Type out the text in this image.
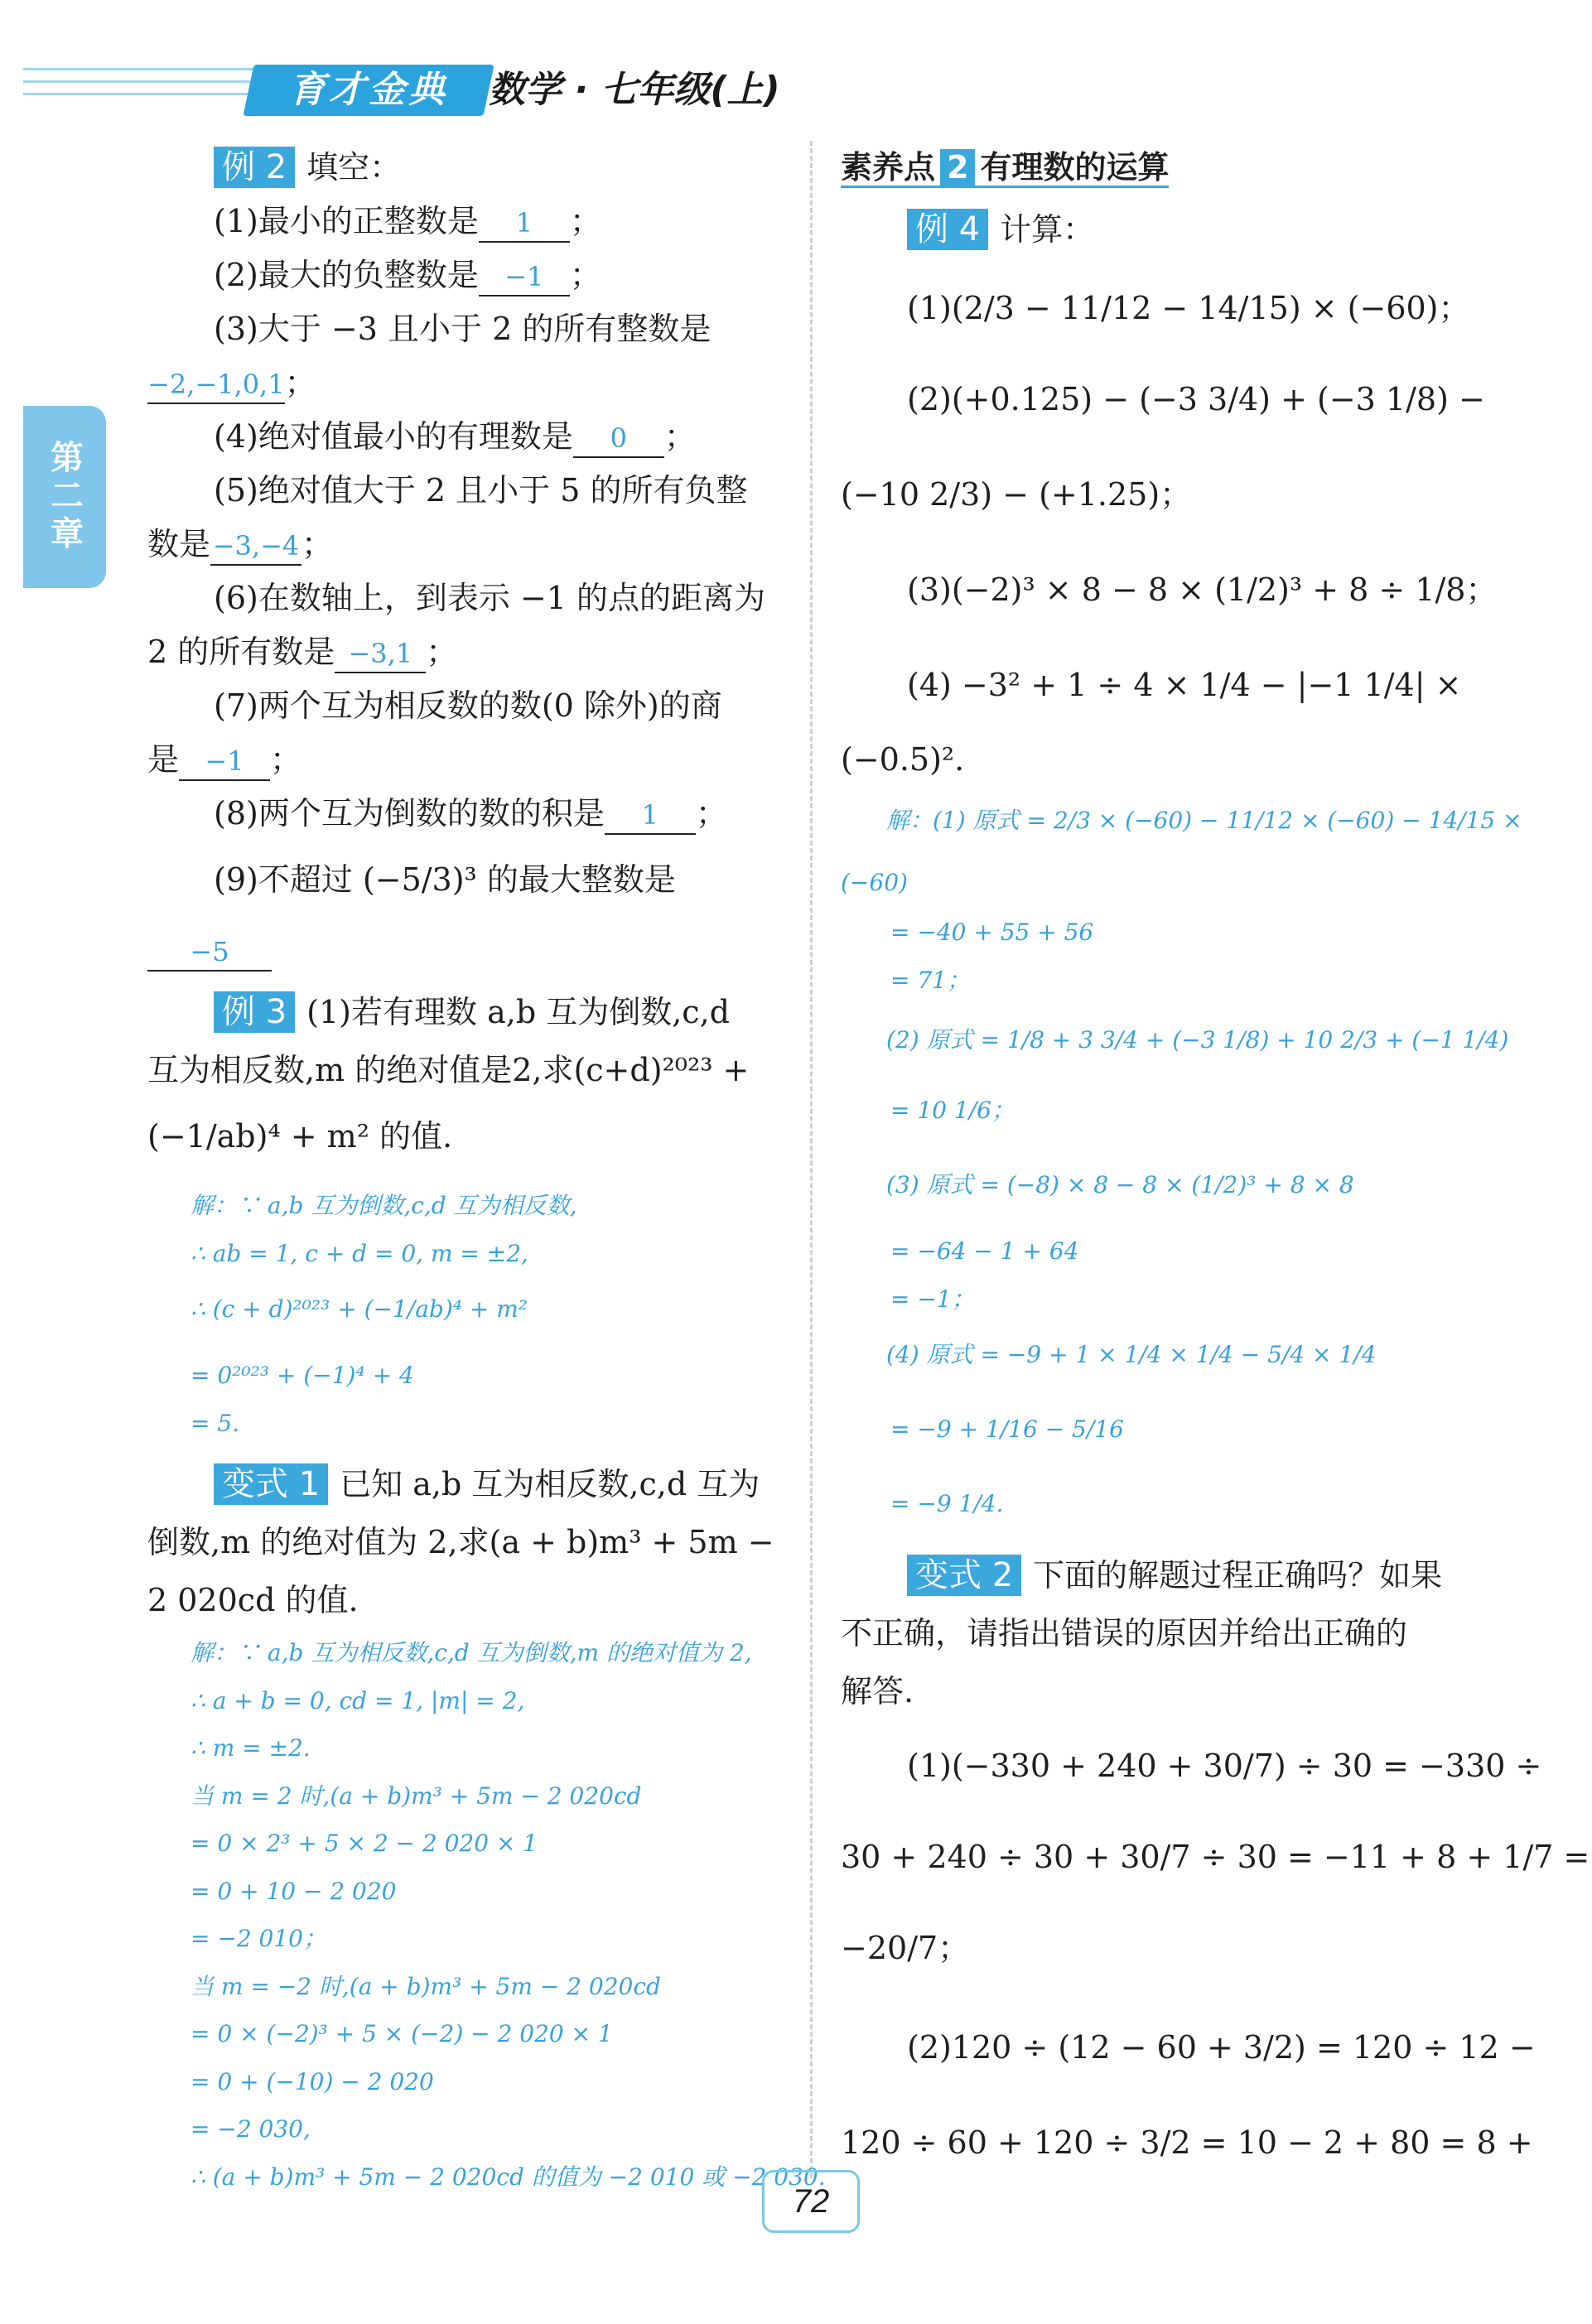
育才金典	数学 · 七年级(上)
第二章
例 2 填空：
(1)最小的正整数是 1 ；
(2)最大的负整数是 −1 ；
(3)大于 −3 且小于 2 的所有整数是
−2,−1,0,1；
(4)绝对值最小的有理数是 0 ；
(5)绝对值大于 2 且小于 5 的所有负整
数是−3,−4；
(6)在数轴上，到表示 −1 的点的距离为
2 的所有数是 −3,1 ；
(7)两个互为相反数的数(0 除外)的商
是 −1 ；
(8)两个互为倒数的数的积是 1 ；
(9)不超过 (−5/3)³ 的最大整数是
−5
例 3 (1)若有理数 a,b 互为倒数,c,d
互为相反数,m 的绝对值是2,求(c+d)²⁰²³ +
(−1/ab)⁴ + m² 的值.
解：∵ a,b 互为倒数,c,d 互为相反数,
∴ ab = 1, c + d = 0, m = ±2,
∴ (c + d)²⁰²³ + (−1/ab)⁴ + m²
= 0²⁰²³ + (−1)⁴ + 4
= 5.
变式 1 已知 a,b 互为相反数,c,d 互为
倒数,m 的绝对值为 2,求(a + b)m³ + 5m −
2 020cd 的值.
解：∵ a,b 互为相反数,c,d 互为倒数,m 的绝对值为 2,
∴ a + b = 0, cd = 1, |m| = 2,
∴ m = ±2.
当 m = 2 时,(a + b)m³ + 5m − 2 020cd
= 0 × 2³ + 5 × 2 − 2 020 × 1
= 0 + 10 − 2 020
= −2 010；
当 m = −2 时,(a + b)m³ + 5m − 2 020cd
= 0 × (−2)³ + 5 × (−2) − 2 020 × 1
= 0 + (−10) − 2 020
= −2 030,
∴ (a + b)m³ + 5m − 2 020cd 的值为 −2 010 或 −2 030.
素养点 2 有理数的运算
例 4 计算：
(1)(2/3 − 11/12 − 14/15) × (−60)；
(2)(+0.125) − (−3 3/4) + (−3 1/8) −
(−10 2/3) − (+1.25)；
(3)(−2)³ × 8 − 8 × (1/2)³ + 8 ÷ 1/8；
(4) −3² + 1 ÷ 4 × 1/4 − |−1 1/4| ×
(−0.5)².
解：(1) 原式 = 2/3 × (−60) − 11/12 × (−60) − 14/15 ×
(−60)
= −40 + 55 + 56
= 71；
(2) 原式 = 1/8 + 3 3/4 + (−3 1/8) + 10 2/3 + (−1 1/4)
= 10 1/6；
(3) 原式 = (−8) × 8 − 8 × (1/2)³ + 8 × 8
= −64 − 1 + 64
= −1；
(4) 原式 = −9 + 1 × 1/4 × 1/4 − 5/4 × 1/4
= −9 + 1/16 − 5/16
= −9 1/4.
变式 2 下面的解题过程正确吗？如果
不正确，请指出错误的原因并给出正确的
解答.
(1)(−330 + 240 + 30/7) ÷ 30 = −330 ÷
30 + 240 ÷ 30 + 30/7 ÷ 30 = −11 + 8 + 1/7 =
−20/7；
(2)120 ÷ (12 − 60 + 3/2) = 120 ÷ 12 −
120 ÷ 60 + 120 ÷ 3/2 = 10 − 2 + 80 = 8 +
72
